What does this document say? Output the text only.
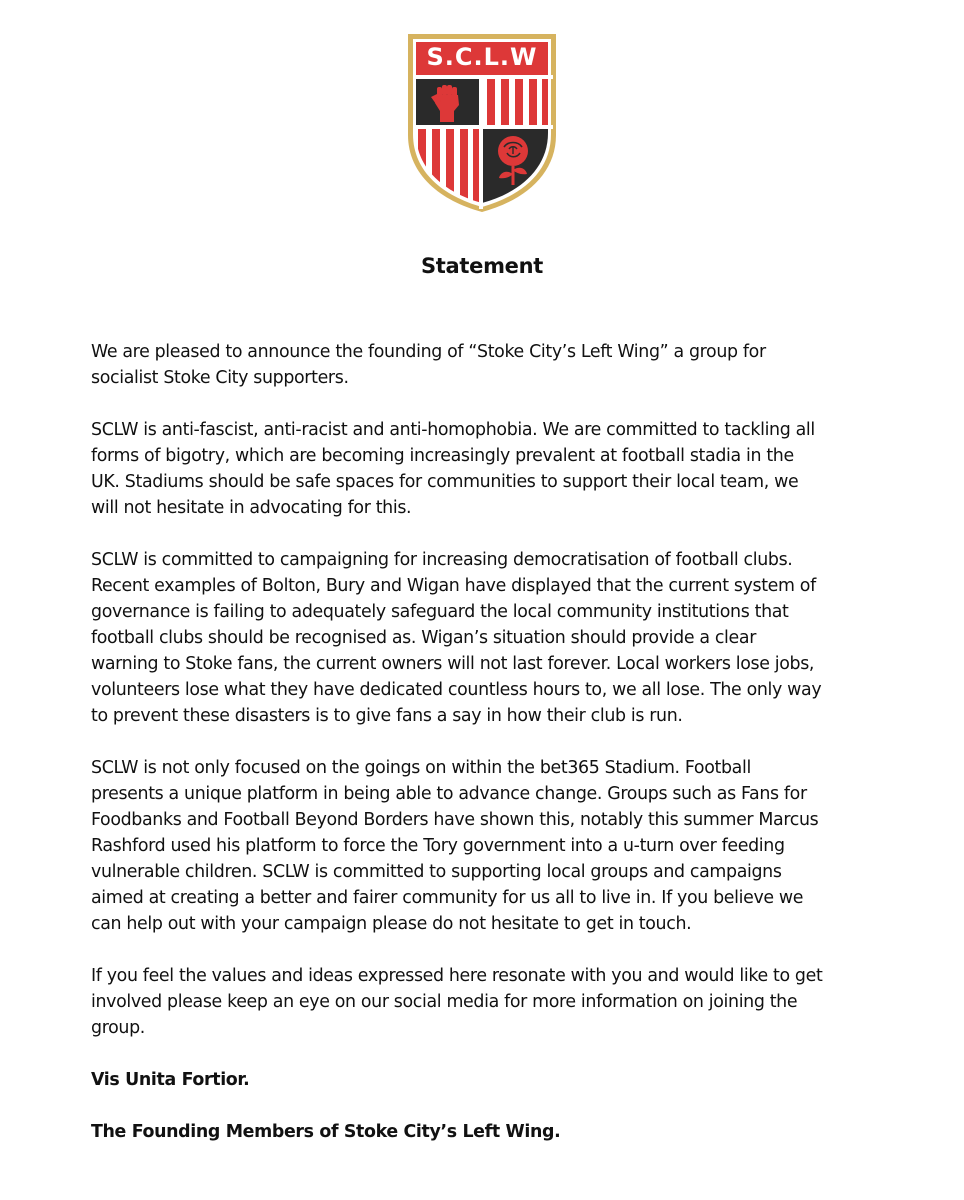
S.C.L.W
Statement

We are pleased to announce the founding of “Stoke City’s Left Wing” a group for
socialist Stoke City supporters.

SCLW is anti-fascist, anti-racist and anti-homophobia. We are committed to tackling all
forms of bigotry, which are becoming increasingly prevalent at football stadia in the
UK. Stadiums should be safe spaces for communities to support their local team, we
will not hesitate in advocating for this.

SCLW is committed to campaigning for increasing democratisation of football clubs.
Recent examples of Bolton, Bury and Wigan have displayed that the current system of
governance is failing to adequately safeguard the local community institutions that
football clubs should be recognised as. Wigan’s situation should provide a clear
warning to Stoke fans, the current owners will not last forever. Local workers lose jobs,
volunteers lose what they have dedicated countless hours to, we all lose. The only way
to prevent these disasters is to give fans a say in how their club is run.

SCLW is not only focused on the goings on within the bet365 Stadium. Football
presents a unique platform in being able to advance change. Groups such as Fans for
Foodbanks and Football Beyond Borders have shown this, notably this summer Marcus
Rashford used his platform to force the Tory government into a u-turn over feeding
vulnerable children. SCLW is committed to supporting local groups and campaigns
aimed at creating a better and fairer community for us all to live in. If you believe we
can help out with your campaign please do not hesitate to get in touch.

If you feel the values and ideas expressed here resonate with you and would like to get
involved please keep an eye on our social media for more information on joining the
group.

Vis Unita Fortior.

The Founding Members of Stoke City’s Left Wing.
